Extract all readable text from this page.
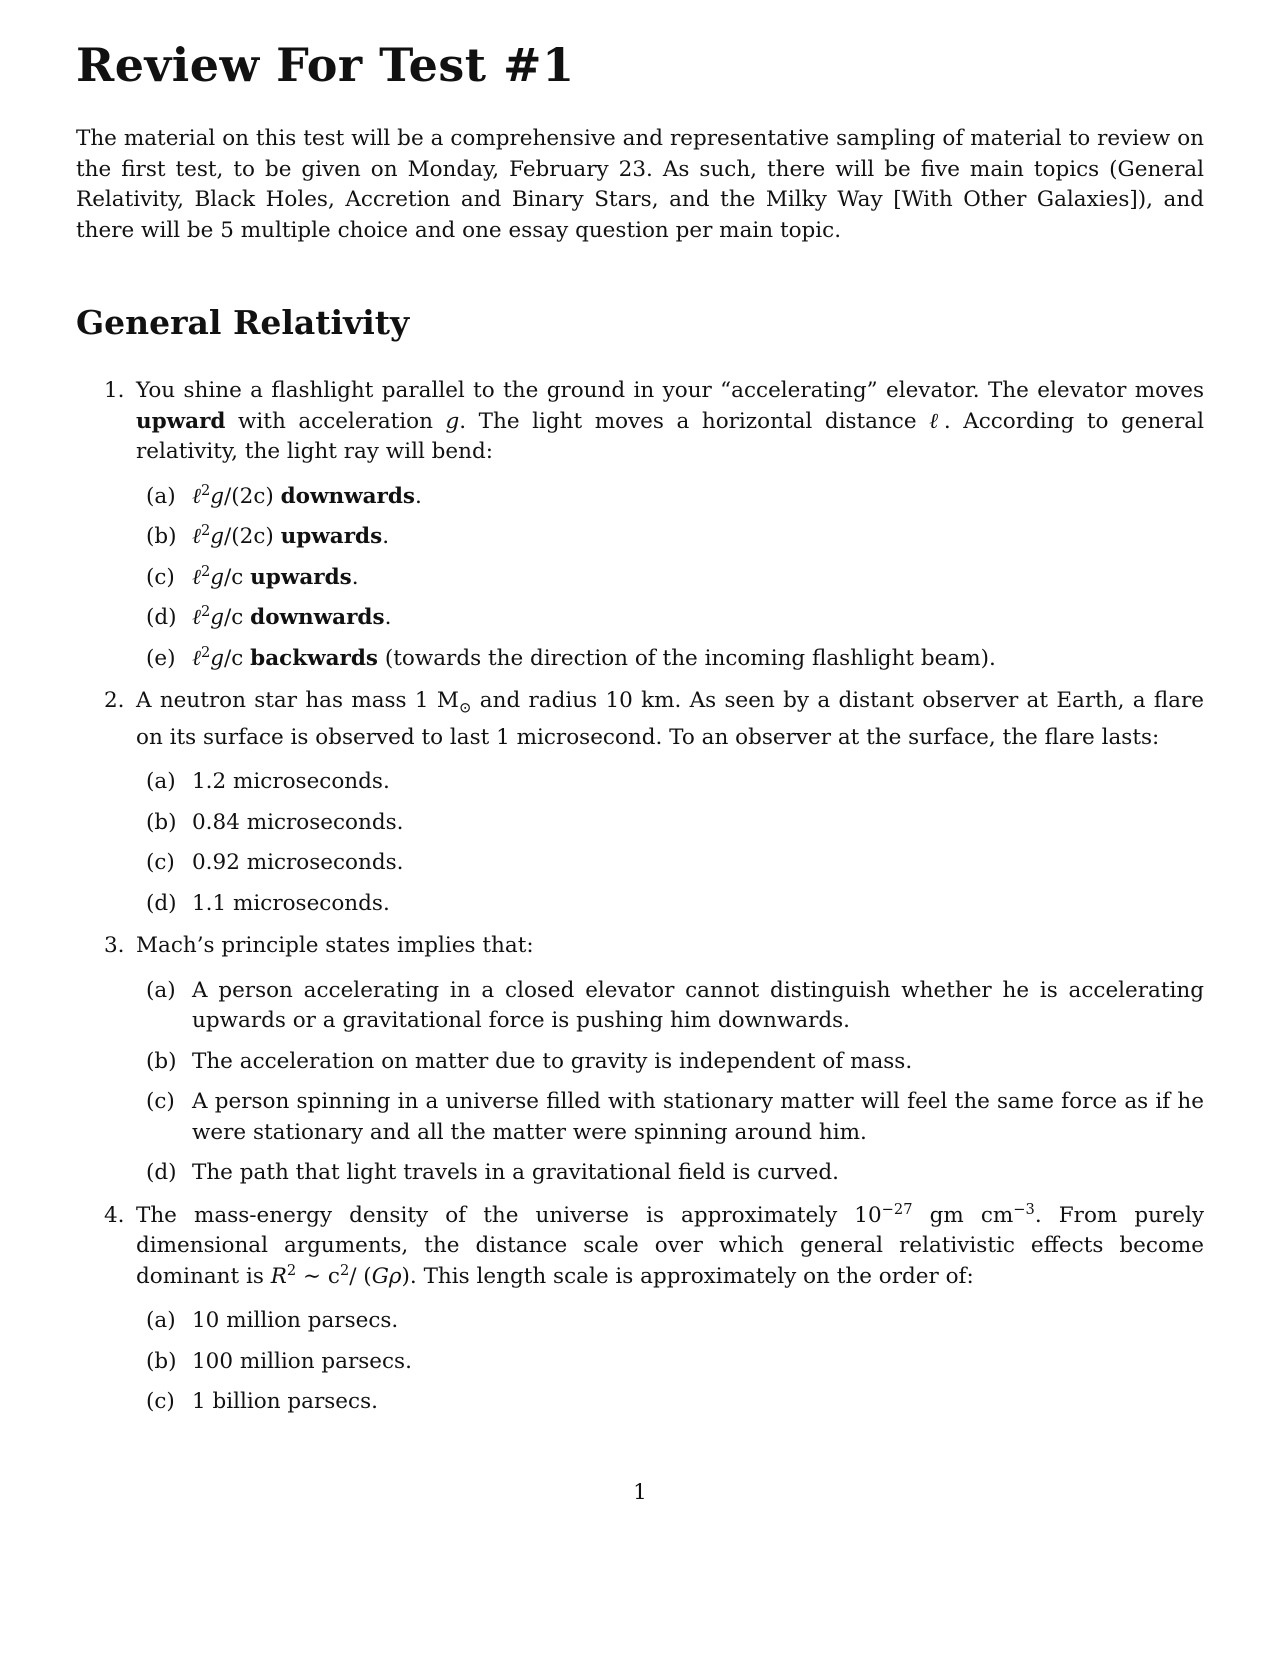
Review For Test #1

The material on this test will be a comprehensive and representative sampling of material to review on the first test, to be given on Monday, February 23. As such, there will be five main topics (General Relativity, Black Holes, Accretion and Binary Stars, and the Milky Way [With Other Galaxies]), and there will be 5 multiple choice and one essay question per main topic.

General Relativity
1. You shine a flashlight parallel to the ground in your “accelerating” elevator. The elevator moves upward with acceleration g. The light moves a horizontal distance ℓ. According to general relativity, the light ray will bend:
(a) ℓ$^2$g/(2c) downwards.
(b) ℓ$^2$g/(2c) upwards.
(c) ℓ$^2$g/c upwards.
(d) ℓ$^2$g/c downwards.
(e) ℓ$^2$g/c backwards (towards the direction of the incoming flashlight beam).
2. A neutron star has mass 1 $M_⊙$ and radius 10 km. As seen by a distant observer at Earth, a flare on its surface is observed to last 1 microsecond. To an observer at the surface, the flare lasts:
(a) 1.2 microseconds.
(b) 0.84 microseconds.
(c) 0.92 microseconds.
(d) 1.1 microseconds.
3. Mach’s principle states implies that:
(a) A person accelerating in a closed elevator cannot distinguish whether he is accelerating upwards or a gravitational force is pushing him downwards.
(b) The acceleration on matter due to gravity is independent of mass.
(c) A person spinning in a universe filled with stationary matter will feel the same force as if he were stationary and all the matter were spinning around him.
(d) The path that light travels in a gravitational field is curved.
4. The mass-energy density of the universe is approximately $10^{-27}$ gm $cm^{-3}$. From purely dimensional arguments, the distance scale over which general relativistic effects become dominant is $R^2$ ∼ $c^2/$ (Gρ). This length scale is approximately on the order of:
(a) 10 million parsecs.
(b) 100 million parsecs.
(c) 1 billion parsecs.
1
